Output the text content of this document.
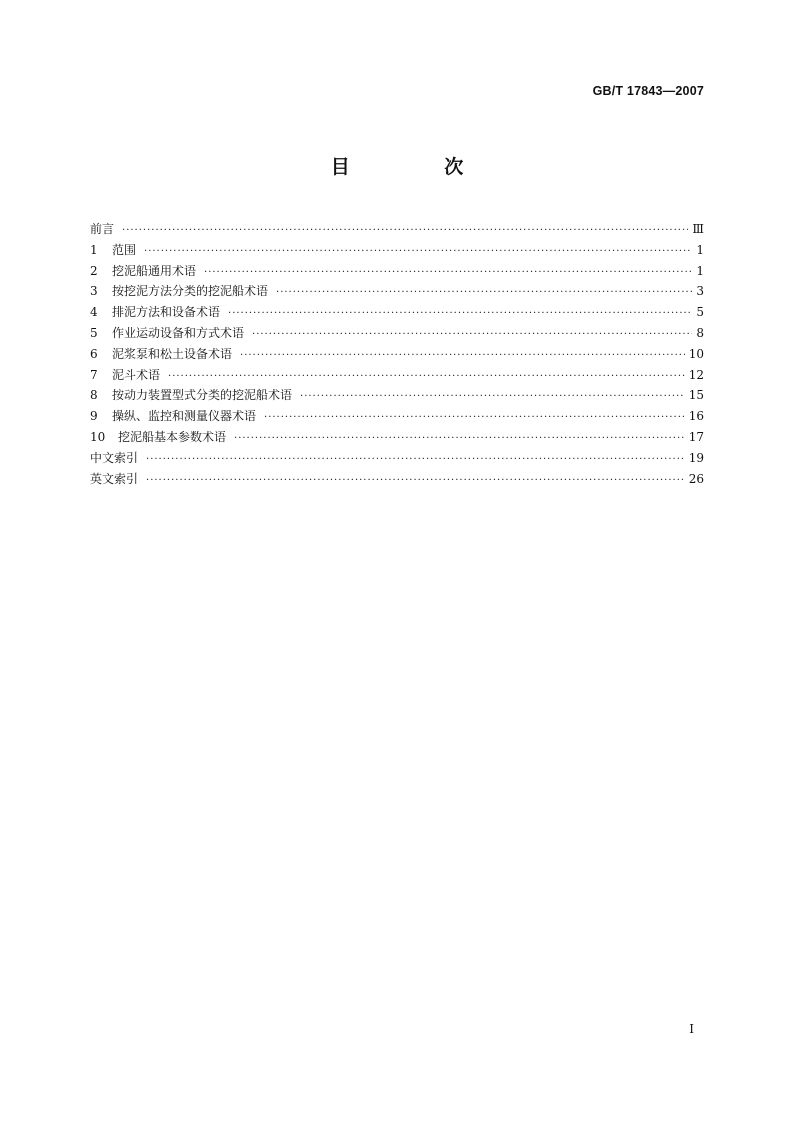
GB/T 17843—2007
目 次
前言 ·····	Ⅲ
1	范围 ·····	1
2	挖泥船通用术语 ·····	1
3	按挖泥方法分类的挖泥船术语 ·····	3
4	排泥方法和设备术语 ·····	5
5	作业运动设备和方式术语 ·····	8
6	泥浆泵和松土设备术语 ·····	10
7	泥斗术语 ·····	12
8	按动力装置型式分类的挖泥船术语 ·····	15
9	操纵、监控和测量仪器术语 ·····	16
10	挖泥船基本参数术语 ·····	17
中文索引 ·····	19
英文索引 ·····	26
I
